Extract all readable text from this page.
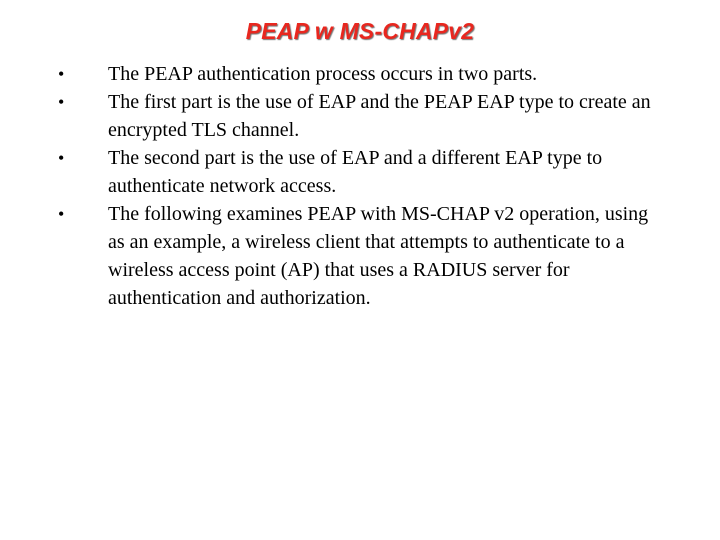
PEAP w MS-CHAPv2
• The PEAP authentication process occurs in two parts.
• The first part is the use of EAP and the PEAP EAP type to create an encrypted TLS channel.
• The second part is the use of EAP and a different EAP type to authenticate network access.
• The following examines PEAP with MS-CHAP v2 operation, using as an example, a wireless client that attempts to authenticate to a wireless access point (AP) that uses a RADIUS server for authentication and authorization.
